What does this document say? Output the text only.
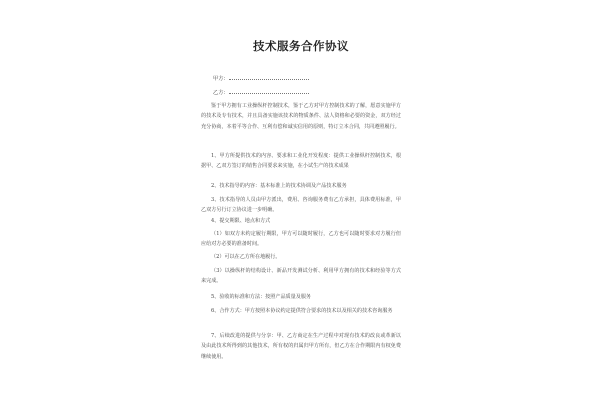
技术服务合作协议
甲方：
乙方：
鉴于甲方拥有工业操纵杆控制技术，鉴于乙方对甲方控制技术的了解，愿意实施甲方的技术及专有技术，并且具备实施该技术的物质条件、法人资格和必要的资金，双方经过充分协商，本着平等合作、互利有偿和诚实信用的原则，特订立本合同，共同遵照履行。
1、甲方所提供技术的内容、要求和工业化开发程度：提供工业操纵杆控制技术，根据甲、乙双方签订的销售合同要求来实施，在小试生产的技术成果
2、技术指导的内容：基本标准上的技术协调及产品技术服务
3、技术指导的人员由甲方派出，费用、咨询服务费有乙方承担，具体费用标准，甲乙双方另行订立协议进一步明确。
4、提交期限、地点和方式
（1）如双方未约定履行期限，甲方可以随时履行，乙方也可以随时要求对方履行但应给对方必要的准备时间。
（2）可以在乙方所在地履行。
（3）以操纵杆的结构设计、新品开发测试分析、利用甲方拥有的技术和经验等方式来完成。
5、验收的标准和方法：按照产品质量及服务
6、合作方式：甲方按照本协议约定提供符合要求的技术以及相关的技术咨询服务
7、后续改进的提供与分享：甲、乙方商定在生产过程中对现有技术的改良或革新以及由此技术所得到的其他技术，所有权的归属归甲方所有，但乙方在合作期限内有权免费继续使用。
